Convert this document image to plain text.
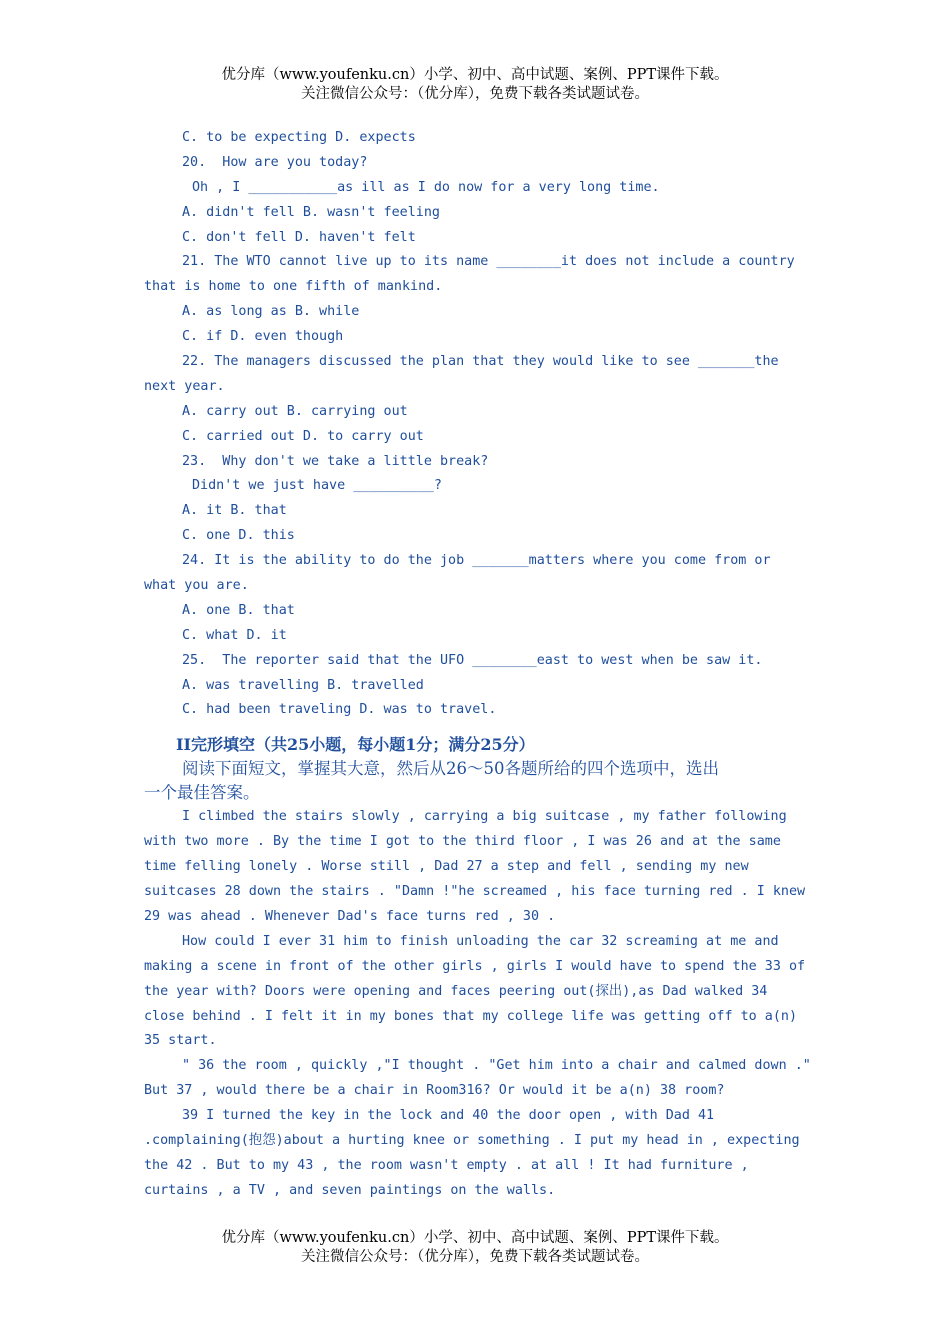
优分库（www.youfenku.cn）小学、初中、高中试题、案例、PPT课件下载。
关注微信公众号：（优分库），免费下载各类试题试卷。
C. to be expecting D. expects
20.  How are you today?
Oh , I ___________as ill as I do now for a very long time.
A. didn't fell B. wasn't feeling
C. don't fell D. haven't felt
21. The WTO cannot live up to its name ________it does not include a country
that is home to one fifth of mankind.
A. as long as B. while
C. if D. even though
22. The managers discussed the plan that they would like to see _______the
next year.
A. carry out B. carrying out
C. carried out D. to carry out
23.  Why don't we take a little break?
Didn't we just have __________?
A. it B. that
C. one D. this
24. It is the ability to do the job _______matters where you come from or
what you are.
A. one B. that
C. what D. it
25.  The reporter said that the UFO ________east to west when be saw it.
A. was travelling B. travelled
C. had been traveling D. was to travel.
II完形填空（共25小题，每小题1分；满分25分）
阅读下面短文，掌握其大意，然后从26～50各题所给的四个选项中，选出
一个最佳答案。
I climbed the stairs slowly , carrying a big suitcase , my father following
with two more . By the time I got to the third floor , I was 26 and at the same
time felling lonely . Worse still , Dad 27 a step and fell , sending my new
suitcases 28 down the stairs . "Damn !"he screamed , his face turning red . I knew
29 was ahead . Whenever Dad's face turns red , 30 .
How could I ever 31 him to finish unloading the car 32 screaming at me and
making a scene in front of the other girls , girls I would have to spend the 33 of
the year with? Doors were opening and faces peering out(探出),as Dad walked 34
close behind . I felt it in my bones that my college life was getting off to a(n)
35 start.
" 36 the room , quickly ,"I thought . "Get him into a chair and calmed down ."
But 37 , would there be a chair in Room316? Or would it be a(n) 38 room?
39 I turned the key in the lock and 40 the door open , with Dad 41
.complaining(抱怨)about a hurting knee or something . I put my head in , expecting
the 42 . But to my 43 , the room wasn't empty . at all ! It had furniture ,
curtains , a TV , and seven paintings on the walls.
优分库（www.youfenku.cn）小学、初中、高中试题、案例、PPT课件下载。
关注微信公众号：（优分库），免费下载各类试题试卷。
